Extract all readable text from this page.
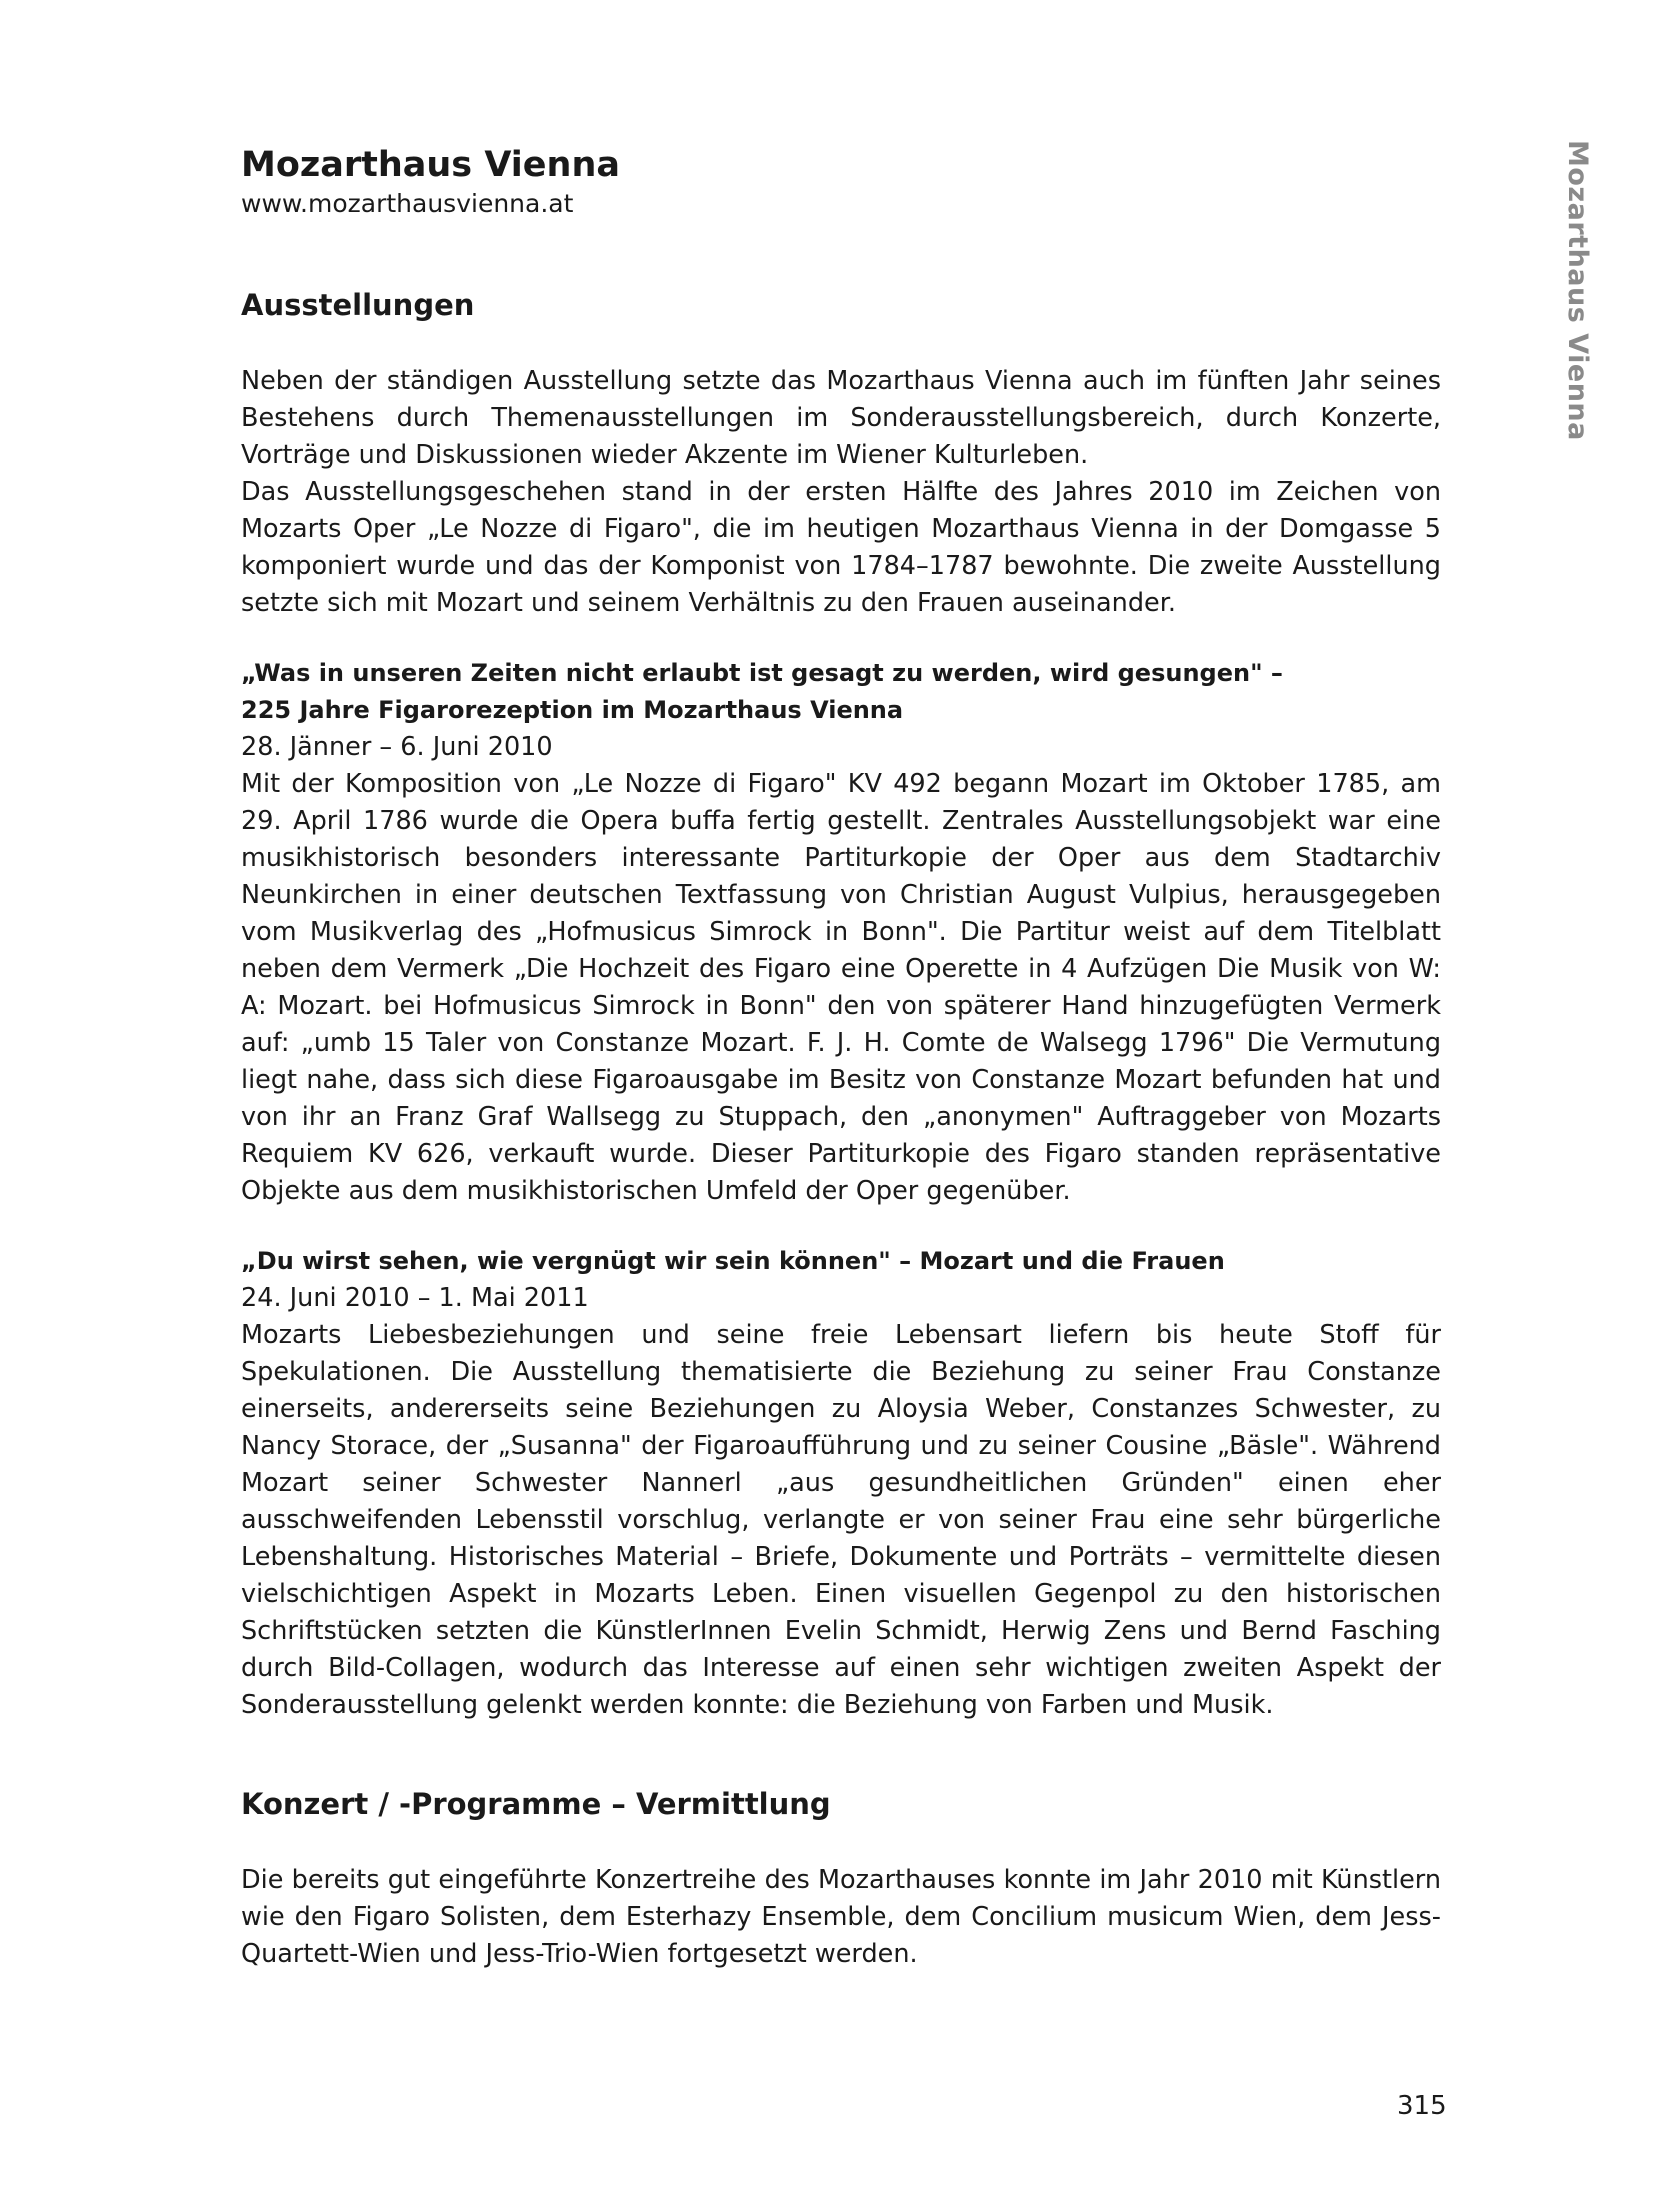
Mozarthaus Vienna
Mozarthaus Vienna
www.mozarthausvienna.at
Ausstellungen

Neben der ständigen Ausstellung setzte das Mozarthaus Vienna auch im fünften Jahr seines Bestehens durch Themenausstellungen im Sonderausstellungsbereich, durch Konzerte, Vorträge und Diskussionen wieder Akzente im Wiener Kulturleben.

Das Ausstellungsgeschehen stand in der ersten Hälfte des Jahres 2010 im Zeichen von Mozarts Oper „Le Nozze di Figaro", die im heutigen Mozarthaus Vienna in der Domgasse 5 komponiert wurde und das der Komponist von 1784–1787 bewohnte. Die zweite Ausstellung setzte sich mit Mozart und seinem Verhältnis zu den Frauen auseinander.

„Was in unseren Zeiten nicht erlaubt ist gesagt zu werden, wird gesungen" –
225 Jahre Figarorezeption im Mozarthaus Vienna

28. Jänner – 6. Juni 2010

Mit der Komposition von „Le Nozze di Figaro" KV 492 begann Mozart im Oktober 1785, am 29. April 1786 wurde die Opera buffa fertig gestellt. Zentrales Ausstellungsobjekt war eine musikhistorisch besonders interessante Partiturkopie der Oper aus dem Stadtarchiv Neunkirchen in einer deutschen Textfassung von Christian August Vulpius, herausgegeben vom Musikverlag des „Hofmusicus Simrock in Bonn". Die Partitur weist auf dem Titelblatt neben dem Vermerk „Die Hochzeit des Figaro eine Operette in 4 Aufzügen Die Musik von W: A: Mozart. bei Hofmusicus Simrock in Bonn" den von späterer Hand hinzugefügten Vermerk auf: „umb 15 Taler von Constanze Mozart. F. J. H. Comte de Walsegg 1796" Die Vermutung liegt nahe, dass sich diese Figaroausgabe im Besitz von Constanze Mozart befunden hat und von ihr an Franz Graf Wallsegg zu Stuppach, den „anonymen" Auftraggeber von Mozarts Requiem KV 626, verkauft wurde. Dieser Partiturkopie des Figaro standen repräsentative Objekte aus dem musikhistorischen Umfeld der Oper gegenüber.

„Du wirst sehen, wie vergnügt wir sein können" – Mozart und die Frauen

24. Juni 2010 – 1. Mai 2011

Mozarts Liebesbeziehungen und seine freie Lebensart liefern bis heute Stoff für Spekulationen. Die Ausstellung thematisierte die Beziehung zu seiner Frau Constanze einerseits, andererseits seine Beziehungen zu Aloysia Weber, Constanzes Schwester, zu Nancy Storace, der „Susanna" der Figaroaufführung und zu seiner Cousine „Bäsle". Während Mozart seiner Schwester Nannerl „aus gesundheitlichen Gründen" einen eher ausschweifenden Lebensstil vorschlug, verlangte er von seiner Frau eine sehr bürgerliche Lebenshaltung. Historisches Material – Briefe, Dokumente und Porträts – vermittelte diesen vielschichtigen Aspekt in Mozarts Leben. Einen visuellen Gegenpol zu den historischen Schriftstücken setzten die KünstlerInnen Evelin Schmidt, Herwig Zens und Bernd Fasching durch Bild-Collagen, wodurch das Interesse auf einen sehr wichtigen zweiten Aspekt der Sonderausstellung gelenkt werden konnte: die Beziehung von Farben und Musik.

Konzert / -Programme – Vermittlung

Die bereits gut eingeführte Konzertreihe des Mozarthauses konnte im Jahr 2010 mit Künstlern wie den Figaro Solisten, dem Esterhazy Ensemble, dem Concilium musicum Wien, dem Jess-Quartett-Wien und Jess-Trio-Wien fortgesetzt werden.

315
